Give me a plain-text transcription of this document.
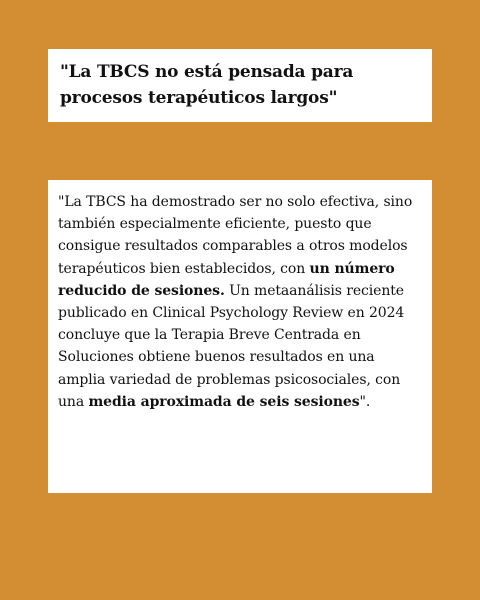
"La TBCS no está pensada para
procesos terapéuticos largos"

"La TBCS ha demostrado ser no solo efectiva, sino también especialmente eficiente, puesto que consigue resultados comparables a otros modelos terapéuticos bien establecidos, con un número reducido de sesiones. Un metaanálisis reciente publicado en Clinical Psychology Review en 2024 concluye que la Terapia Breve Centrada en Soluciones obtiene buenos resultados en una amplia variedad de problemas psicosociales, con una media aproximada de seis sesiones".
